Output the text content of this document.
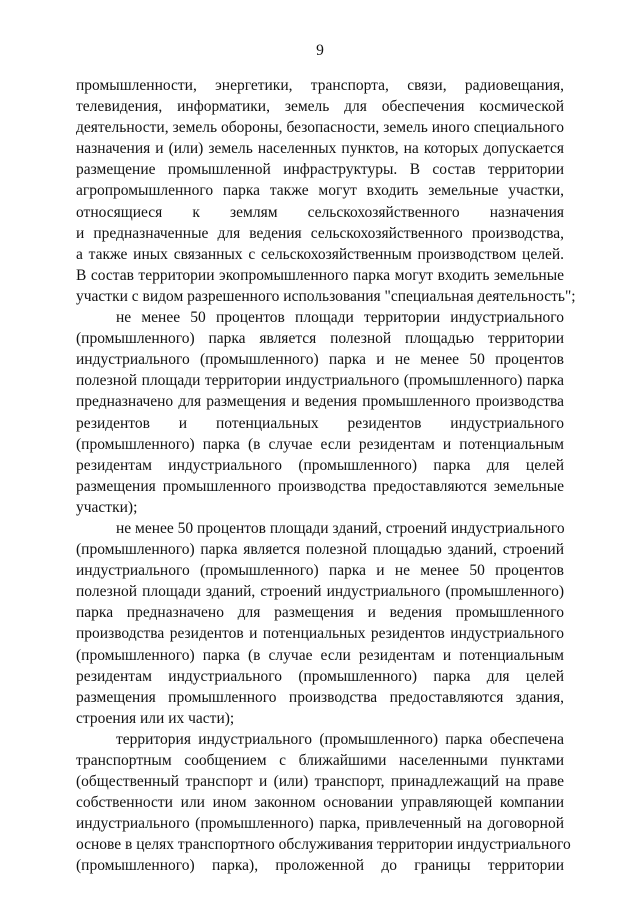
9
промышленности, энергетики, транспорта, связи, радиовещания,
телевидения, информатики, земель для обеспечения космической
деятельности, земель обороны, безопасности, земель иного специального
назначения и (или) земель населенных пунктов, на которых допускается
размещение промышленной инфраструктуры. В состав территории
агропромышленного парка также могут входить земельные участки,
относящиеся к землям сельскохозяйственного назначения
и предназначенные для ведения сельскохозяйственного производства,
а также иных связанных с сельскохозяйственным производством целей.
В состав территории экопромышленного парка могут входить земельные
участки с видом разрешенного использования "специальная деятельность";
не менее 50 процентов площади территории индустриального
(промышленного) парка является полезной площадью территории
индустриального (промышленного) парка и не менее 50 процентов
полезной площади территории индустриального (промышленного) парка
предназначено для размещения и ведения промышленного производства
резидентов и потенциальных резидентов индустриального
(промышленного) парка (в случае если резидентам и потенциальным
резидентам индустриального (промышленного) парка для целей
размещения промышленного производства предоставляются земельные
участки);
не менее 50 процентов площади зданий, строений индустриального
(промышленного) парка является полезной площадью зданий, строений
индустриального (промышленного) парка и не менее 50 процентов
полезной площади зданий, строений индустриального (промышленного)
парка предназначено для размещения и ведения промышленного
производства резидентов и потенциальных резидентов индустриального
(промышленного) парка (в случае если резидентам и потенциальным
резидентам индустриального (промышленного) парка для целей
размещения промышленного производства предоставляются здания,
строения или их части);
территория индустриального (промышленного) парка обеспечена
транспортным сообщением с ближайшими населенными пунктами
(общественный транспорт и (или) транспорт, принадлежащий на праве
собственности или ином законном основании управляющей компании
индустриального (промышленного) парка, привлеченный на договорной
основе в целях транспортного обслуживания территории индустриального
(промышленного) парка), проложенной до границы территории
